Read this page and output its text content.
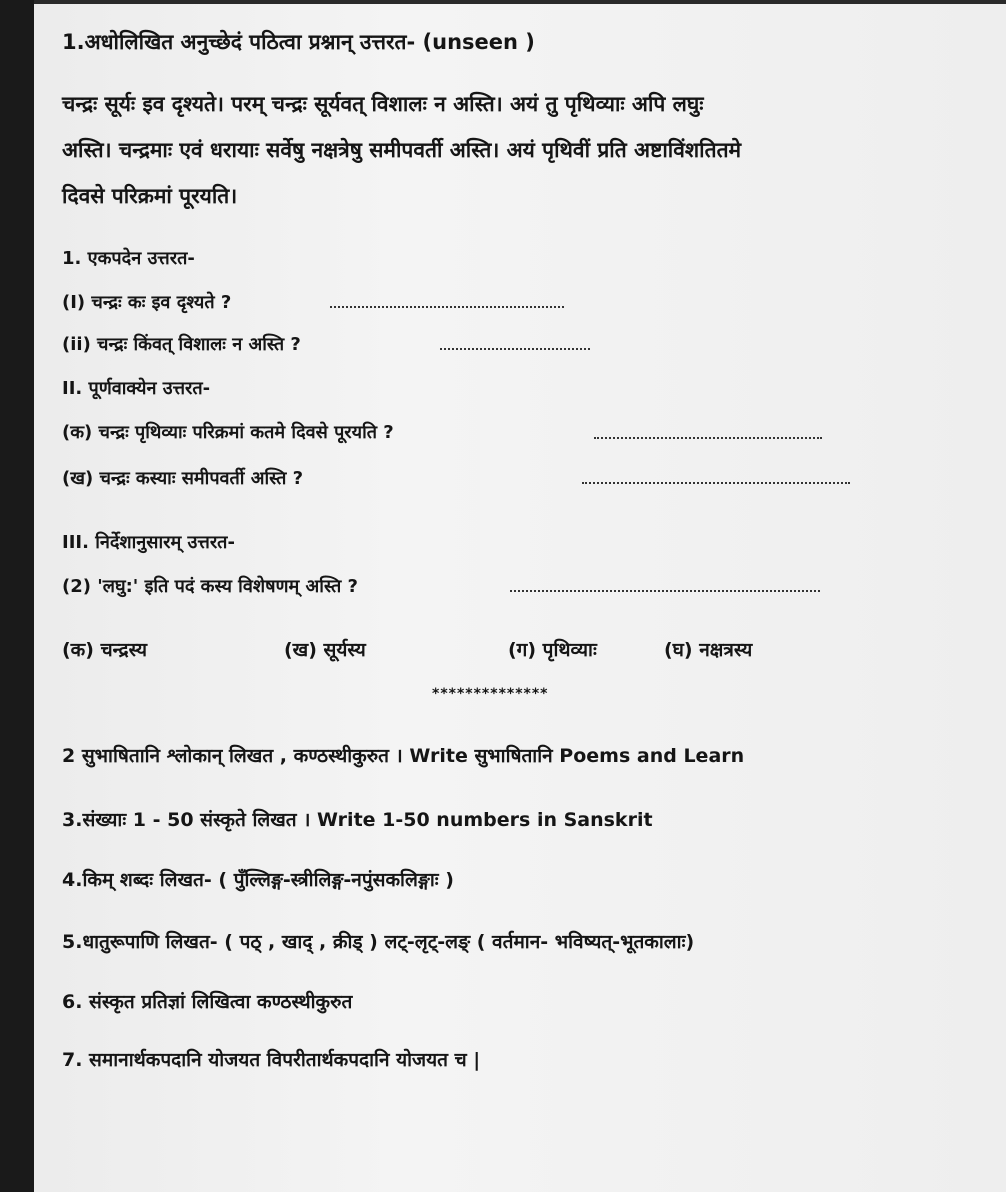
1.अधोलिखित अनुच्छेदं पठित्वा प्रश्नान् उत्तरत- (unseen )
चन्द्रः सूर्यः इव दृश्यते। परम् चन्द्रः सूर्यवत् विशालः न अस्ति। अयं तु पृथिव्याः अपि लघुः
अस्ति। चन्द्रमाः एवं धरायाः सर्वेषु नक्षत्रेषु समीपवर्ती अस्ति। अयं पृथिवीं प्रति अष्टाविंशतितमे
दिवसे परिक्रमां पूरयति।
1. एकपदेन उत्तरत-
(I) चन्द्रः कः इव दृश्यते ?
(ii) चन्द्रः किंवत् विशालः न अस्ति ?
II. पूर्णवाक्येन उत्तरत-
(क) चन्द्रः पृथिव्याः परिक्रमां कतमे दिवसे पूरयति ?
(ख) चन्द्रः कस्याः समीपवर्ती अस्ति ?
III. निर्देशानुसारम् उत्तरत-
(2) 'लघु:' इति पदं कस्य विशेषणम् अस्ति ?
(क) चन्द्रस्य	(ख) सूर्यस्य	(ग) पृथिव्याः	(घ) नक्षत्रस्य
**************
2 सुभाषितानि श्लोकान् लिखत , कण्ठस्थीकुरुत । Write सुभाषितानि Poems and Learn
3.संख्याः 1 - 50 संस्कृते लिखत । Write 1-50 numbers in Sanskrit
4.किम् शब्दः लिखत- ( पुँल्लिङ्ग-स्त्रीलिङ्ग-नपुंसकलिङ्गाः )
5.धातुरूपाणि लिखत- ( पठ् , खाद् , क्रीड् ) लट्-लृट्-लङ् ( वर्तमान- भविष्यत्-भूतकालाः)
6. संस्कृत प्रतिज्ञां लिखित्वा कण्ठस्थीकुरुत
7. समानार्थकपदानि योजयत विपरीतार्थकपदानि योजयत च |
